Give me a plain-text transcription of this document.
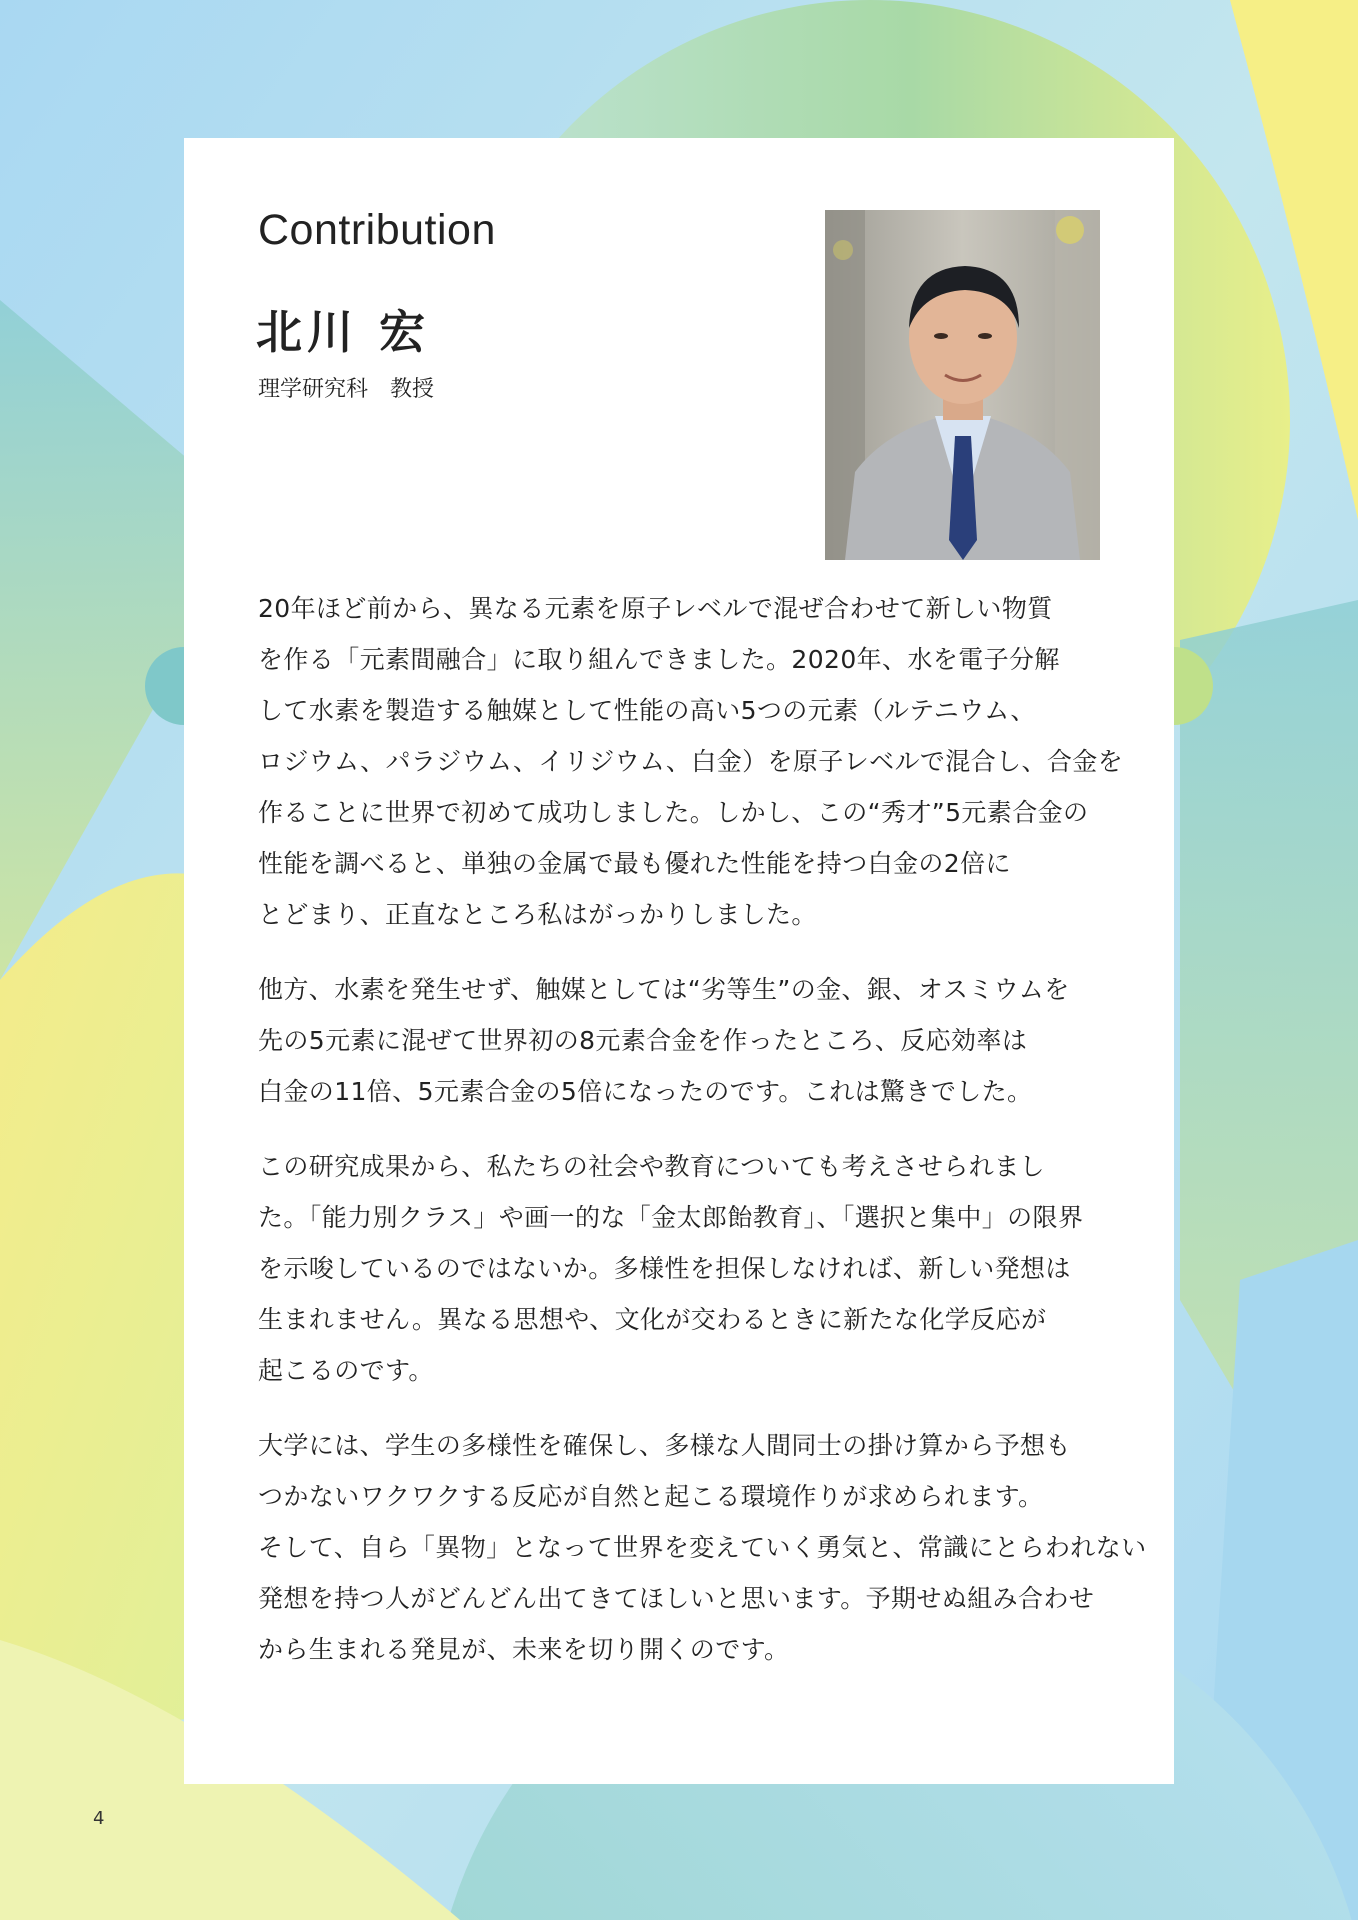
Contribution
北川 宏
理学研究科　教授
20年ほど前から、異なる元素を原子レベルで混ぜ合わせて新しい物質
を作る「元素間融合」に取り組んできました。2020年、水を電子分解
して水素を製造する触媒として性能の高い5つの元素（ルテニウム、
ロジウム、パラジウム、イリジウム、白金）を原子レベルで混合し、合金を
作ることに世界で初めて成功しました。しかし、この“秀才”5元素合金の
性能を調べると、単独の金属で最も優れた性能を持つ白金の2倍に
とどまり、正直なところ私はがっかりしました。
他方、水素を発生せず、触媒としては“劣等生”の金、銀、オスミウムを
先の5元素に混ぜて世界初の8元素合金を作ったところ、反応効率は
白金の11倍、5元素合金の5倍になったのです。これは驚きでした。
この研究成果から、私たちの社会や教育についても考えさせられまし
た。「能力別クラス」や画一的な「金太郎飴教育」、「選択と集中」の限界
を示唆しているのではないか。多様性を担保しなければ、新しい発想は
生まれません。異なる思想や、文化が交わるときに新たな化学反応が
起こるのです。
大学には、学生の多様性を確保し、多様な人間同士の掛け算から予想も
つかないワクワクする反応が自然と起こる環境作りが求められます。
そして、自ら「異物」となって世界を変えていく勇気と、常識にとらわれない
発想を持つ人がどんどん出てきてほしいと思います。予期せぬ組み合わせ
から生まれる発見が、未来を切り開くのです。
4
